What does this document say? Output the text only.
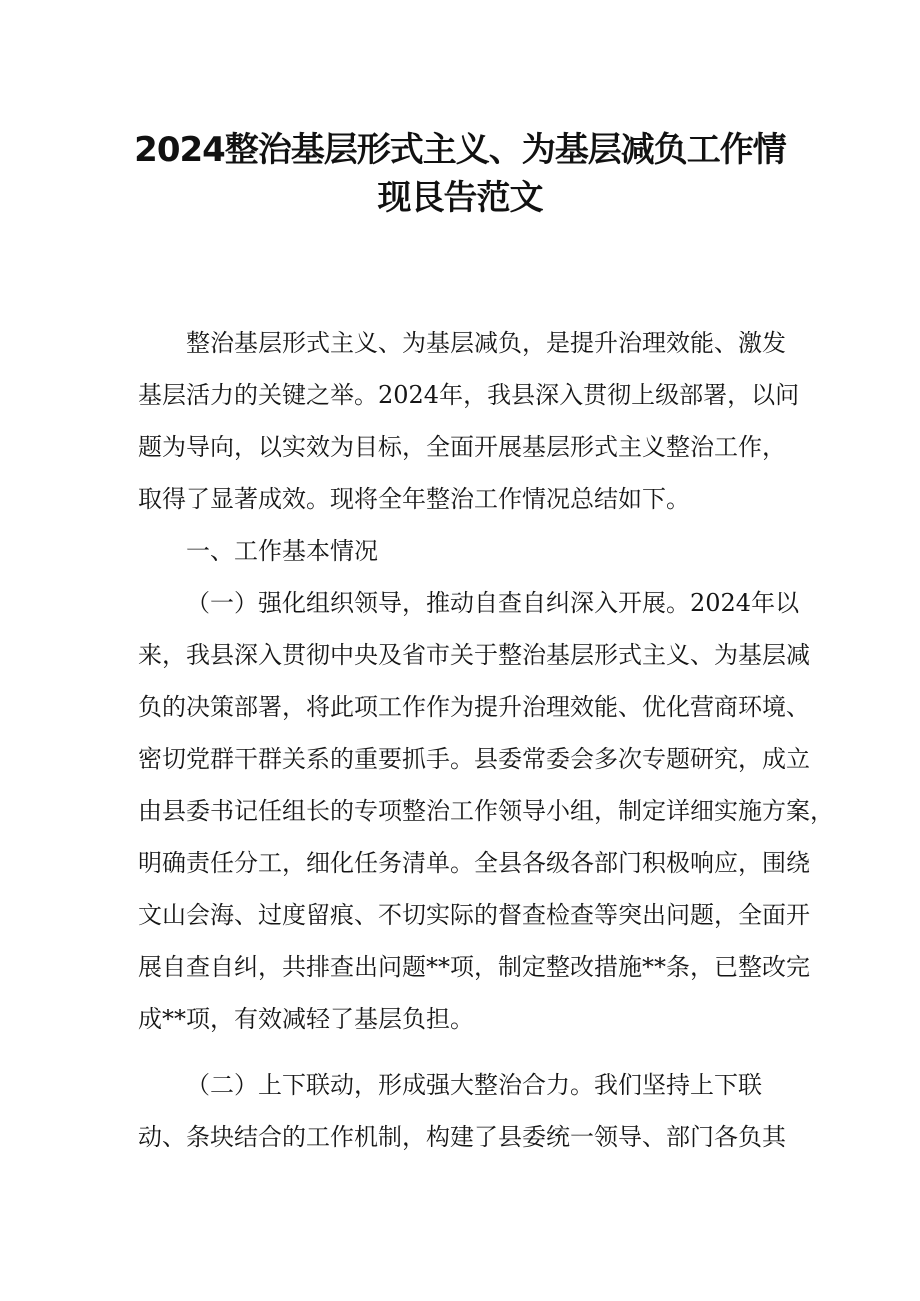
2024整治基层形式主义、为基层减负工作情
现艮告范文
整治基层形式主义、为基层减负，是提升治理效能、激发
基层活力的关键之举。2024年，我县深入贯彻上级部署，以问
题为导向，以实效为目标，全面开展基层形式主义整治工作，
取得了显著成效。现将全年整治工作情况总结如下。
一、工作基本情况
（一）强化组织领导，推动自查自纠深入开展。2024年以
来，我县深入贯彻中央及省市关于整治基层形式主义、为基层减
负的决策部署，将此项工作作为提升治理效能、优化营商环境、
密切党群干群关系的重要抓手。县委常委会多次专题研究，成立
由县委书记任组长的专项整治工作领导小组，制定详细实施方案，
明确责任分工，细化任务清单。全县各级各部门积极响应，围绕
文山会海、过度留痕、不切实际的督查检查等突出问题，全面开
展自查自纠，共排查出问题**项，制定整改措施**条，已整改完
成**项，有效减轻了基层负担。
（二）上下联动，形成强大整治合力。我们坚持上下联
动、条块结合的工作机制，构建了县委统一领导、部门各负其
